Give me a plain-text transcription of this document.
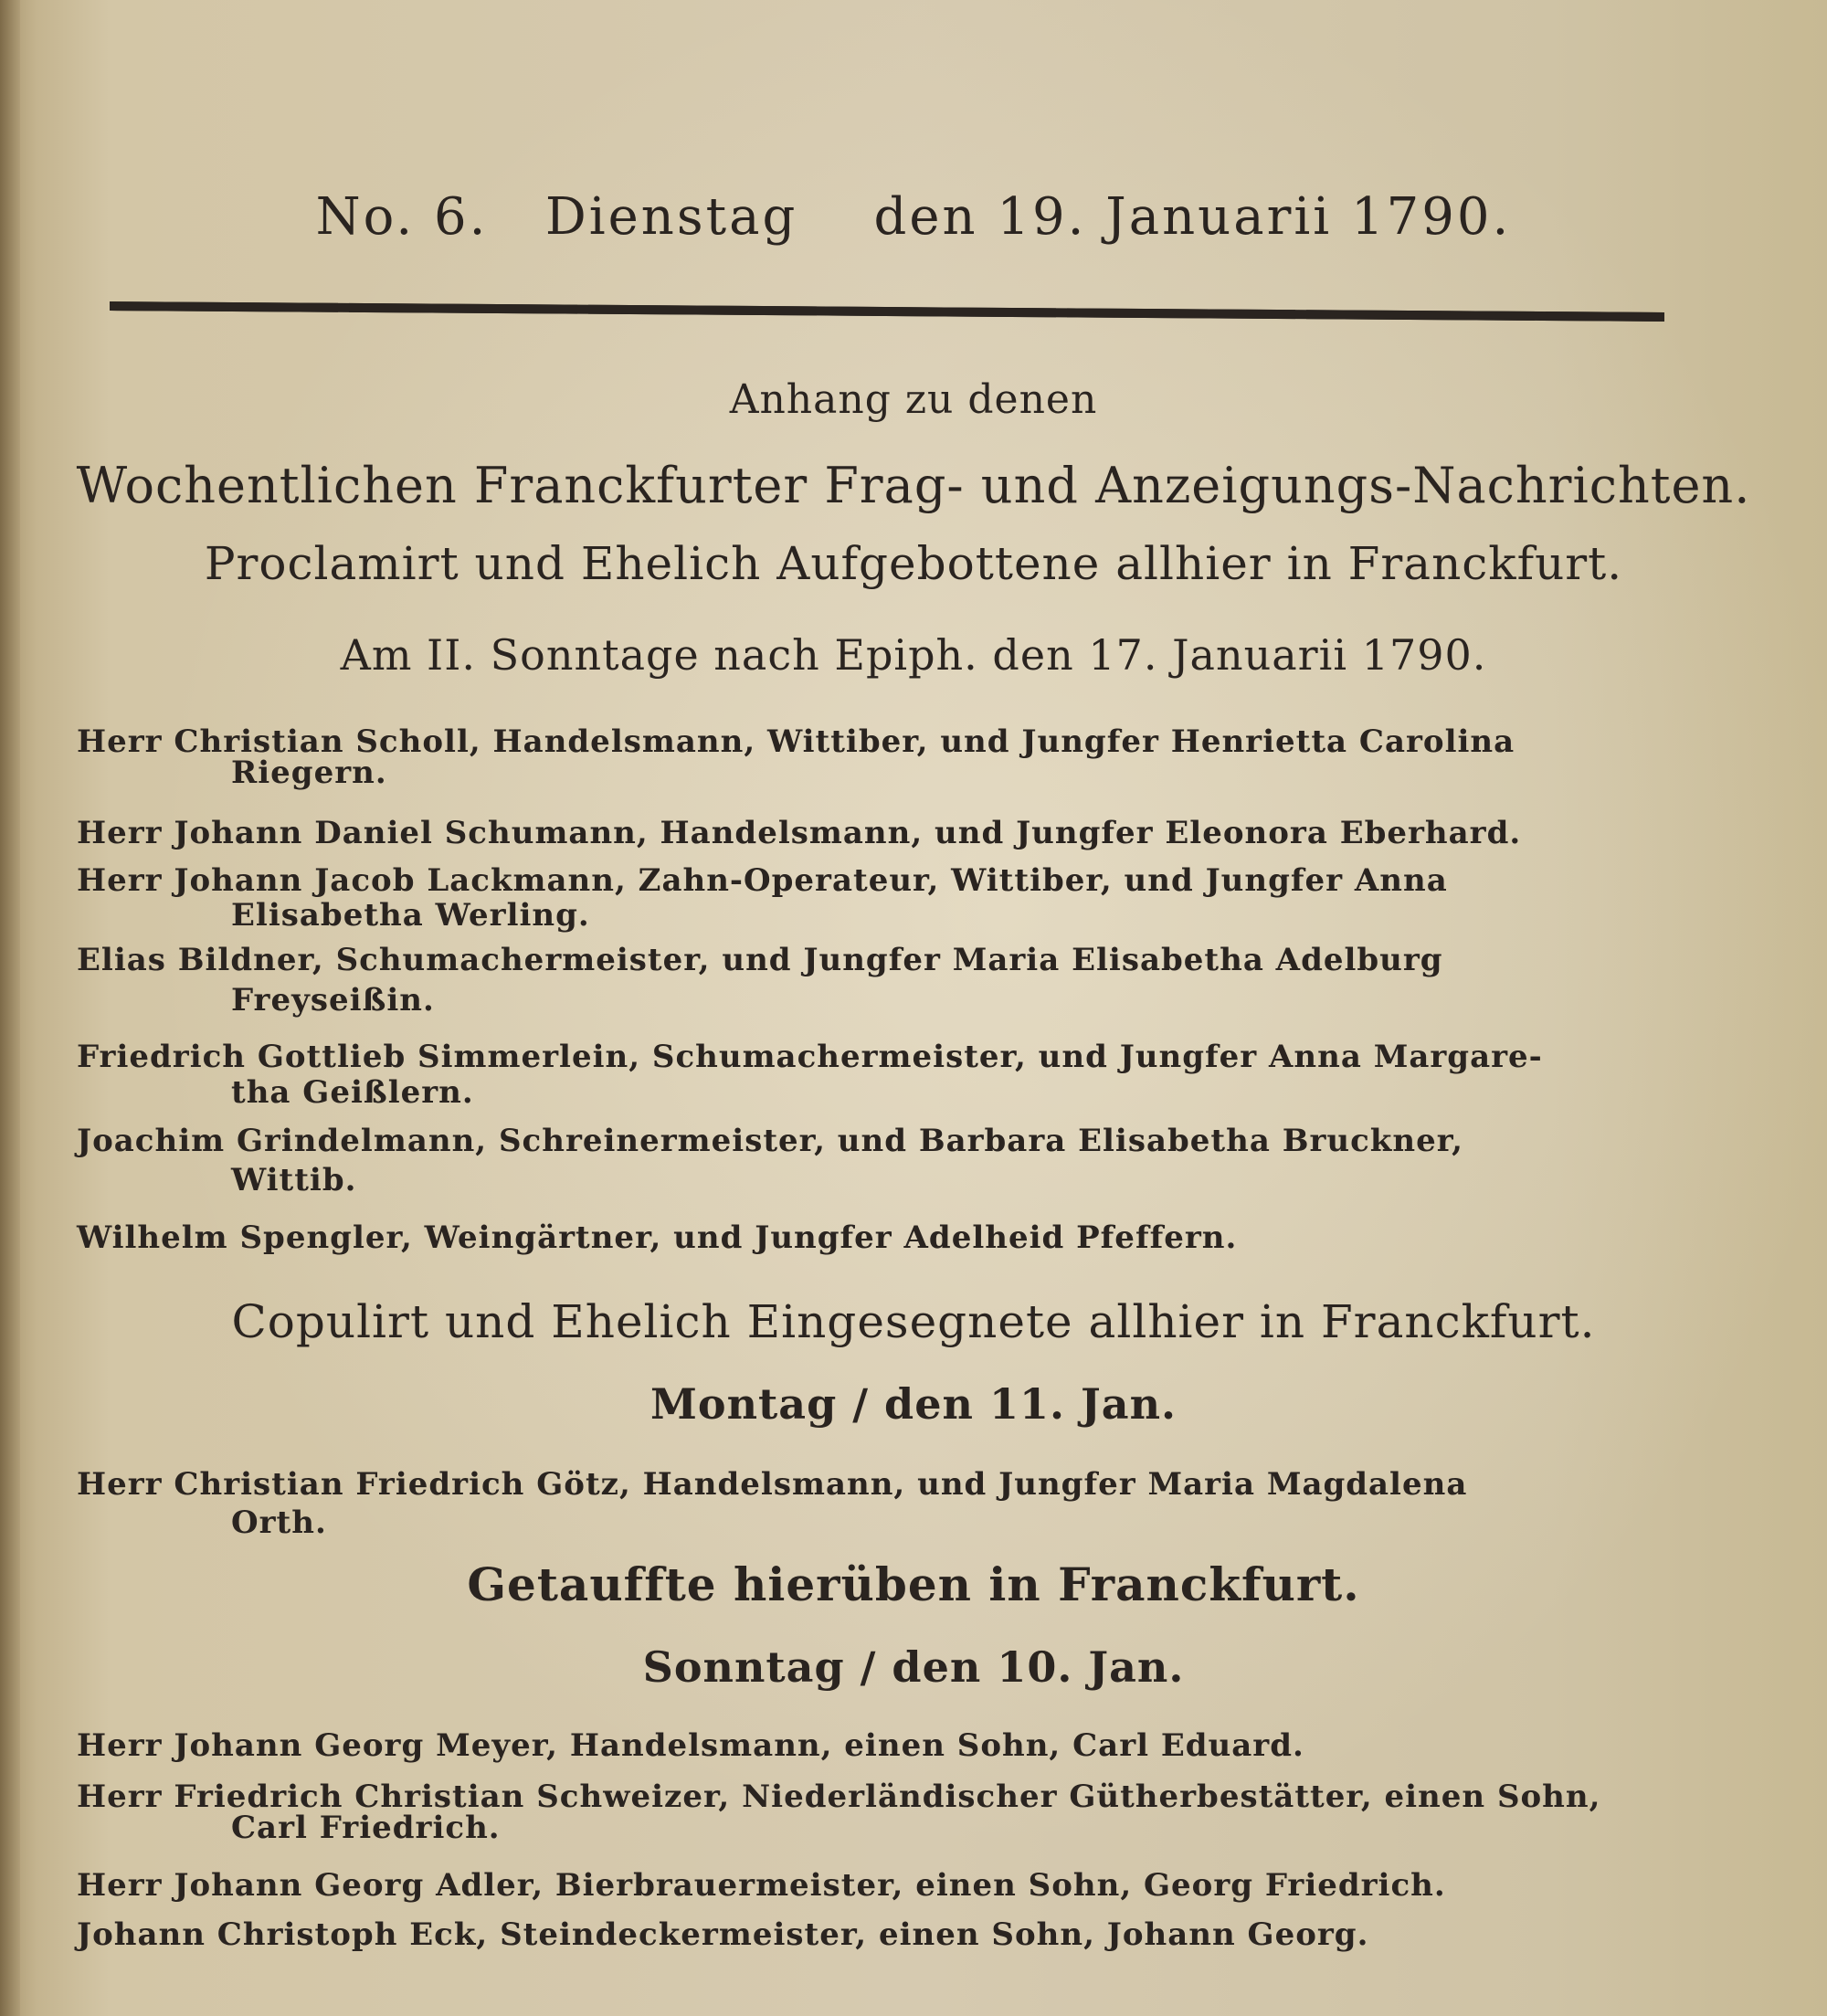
No. 6. Dienstag den 19. Januarii 1790.
Anhang zu denen
Wochentlichen Franckfurter Frag- und Anzeigungs-Nachrichten.
Proclamirt und Ehelich Aufgebottene allhier in Franckfurt.
Am II. Sonntage nach Epiph. den 17. Januarii 1790.
Herr Christian Scholl, Handelsmann, Wittiber, und Jungfer Henrietta Carolina
Riegern.
Herr Johann Daniel Schumann, Handelsmann, und Jungfer Eleonora Eberhard.
Herr Johann Jacob Lackmann, Zahn-Operateur, Wittiber, und Jungfer Anna
Elisabetha Werling.
Elias Bildner, Schumachermeister, und Jungfer Maria Elisabetha Adelburg
Freyseißin.
Friedrich Gottlieb Simmerlein, Schumachermeister, und Jungfer Anna Margare-
tha Geißlern.
Joachim Grindelmann, Schreinermeister, und Barbara Elisabetha Bruckner,
Wittib.
Wilhelm Spengler, Weingärtner, und Jungfer Adelheid Pfeffern.
Copulirt und Ehelich Eingesegnete allhier in Franckfurt.
Montag / den 11. Jan.
Herr Christian Friedrich Götz, Handelsmann, und Jungfer Maria Magdalena
Orth.
Getauffte hierüben in Franckfurt.
Sonntag / den 10. Jan.
Herr Johann Georg Meyer, Handelsmann, einen Sohn, Carl Eduard.
Herr Friedrich Christian Schweizer, Niederländischer Gütherbestätter, einen Sohn,
Carl Friedrich.
Herr Johann Georg Adler, Bierbrauermeister, einen Sohn, Georg Friedrich.
Johann Christoph Eck, Steindeckermeister, einen Sohn, Johann Georg.
